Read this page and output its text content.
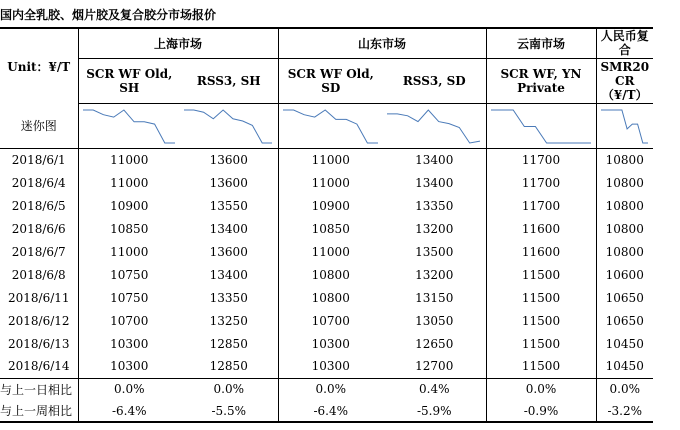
国内全乳胶、烟片胶及复合胶分市场报价
Unit：¥/T	上海市场		山东市场		云南市场	人民币复合
	SCR WF Old, SH	RSS3, SH	SCR WF Old, SD	RSS3, SD	SCR WF, YN Private	SMR20 CR（¥/T）
迷你图	

2018/6/1	11000	13600	11000	13400	11700	10800
2018/6/4	11000	13600	11000	13400	11700	10800
2018/6/5	10900	13550	10900	13350	11700	10800
2018/6/6	10850	13400	10850	13200	11600	10800
2018/6/7	11000	13600	11000	13500	11600	10800
2018/6/8	10750	13400	10800	13200	11500	10600
2018/6/11	10750	13350	10800	13150	11500	10650
2018/6/12	10700	13250	10700	13050	11500	10650
2018/6/13	10300	12850	10300	12650	11500	10450
2018/6/14	10300	12850	10300	12700	11500	10450
与上一日相比	0.0%	0.0%	0.0%	0.4%	0.0%	0.0%
与上一周相比	-6.4%	-5.5%	-6.4%	-5.9%	-0.9%	-3.2%
